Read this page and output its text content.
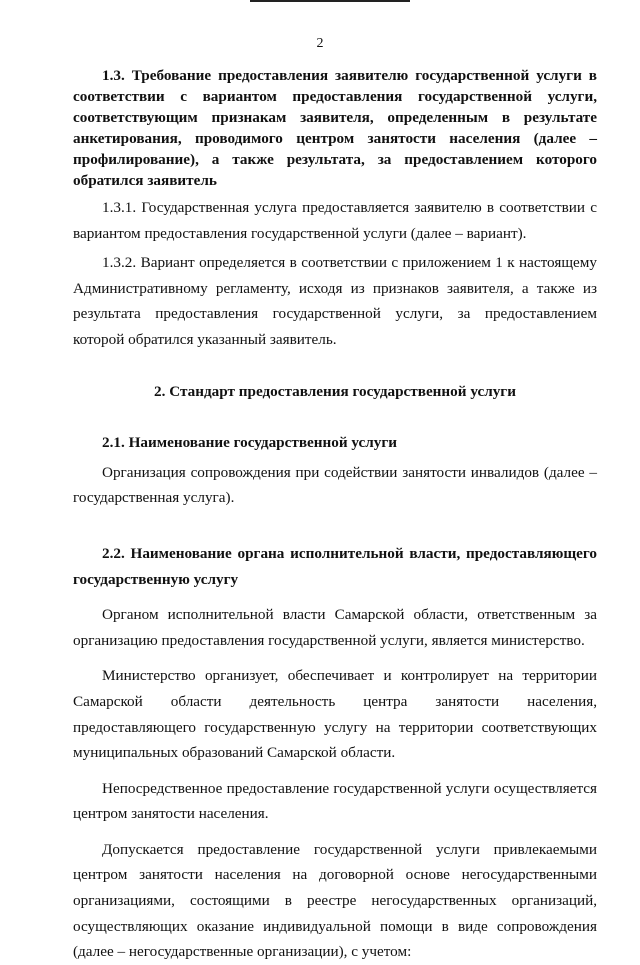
2

1.3. Требование предоставления заявителю государственной услуги в соответствии с вариантом предоставления государственной услуги, соответствующим признакам заявителя, определенным в результате анкетирования, проводимого центром занятости населения (далее – профилирование), а также результата, за предоставлением которого обратился заявитель

1.3.1. Государственная услуга предоставляется заявителю в соответствии с вариантом предоставления государственной услуги (далее – вариант).

1.3.2. Вариант определяется в соответствии с приложением 1 к настоящему Административному регламенту, исходя из признаков заявителя, а также из результата предоставления государственной услуги, за предоставлением которой обратился указанный заявитель.

2. Стандарт предоставления государственной услуги

2.1. Наименование государственной услуги

Организация сопровождения при содействии занятости инвалидов (далее – государственная услуга).

2.2. Наименование органа исполнительной власти, предоставляющего государственную услугу

Органом исполнительной власти Самарской области, ответственным за организацию предоставления государственной услуги, является министерство.

Министерство организует, обеспечивает и контролирует на территории Самарской области деятельность центра занятости населения, предоставляющего государственную услугу на территории соответствующих муниципальных образований Самарской области.

Непосредственное предоставление государственной услуги осуществляется центром занятости населения.

Допускается предоставление государственной услуги привлекаемыми центром занятости населения на договорной основе негосударственными организациями, состоящими в реестре негосударственных организаций, осуществляющих оказание индивидуальной помощи в виде сопровождения (далее – негосударственные организации), с учетом:
